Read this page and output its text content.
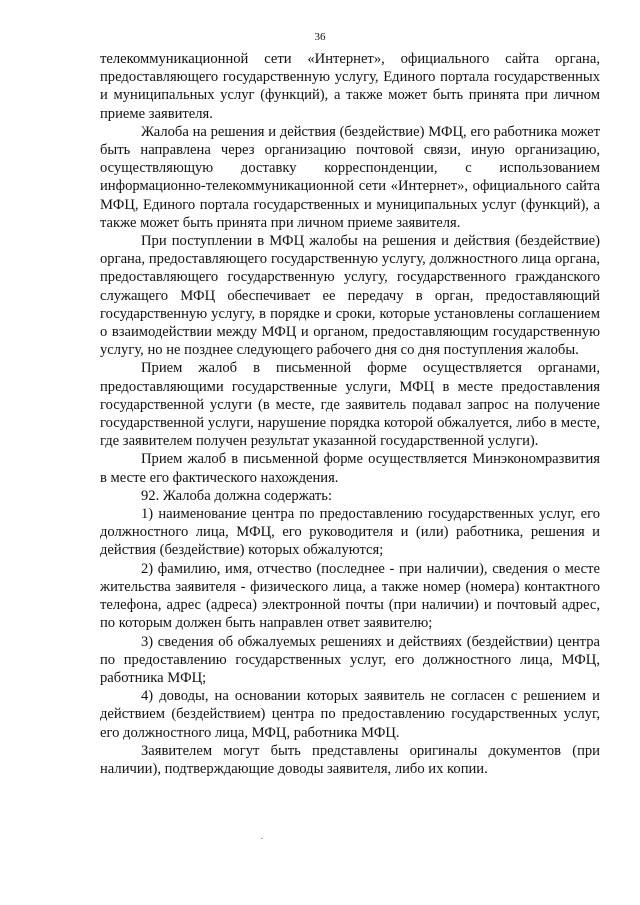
36

телекоммуникационной сети «Интернет», официального сайта органа, предоставляющего государственную услугу, Единого портала государственных и муниципальных услуг (функций), а также может быть принята при личном приеме заявителя.

Жалоба на решения и действия (бездействие) МФЦ, его работника может быть направлена через организацию почтовой связи, иную организацию, осуществляющую доставку корреспонденции, с использованием информационно-телекоммуникационной сети «Интернет», официального сайта МФЦ, Единого портала государственных и муниципальных услуг (функций), а также может быть принята при личном приеме заявителя.

При поступлении в МФЦ жалобы на решения и действия (бездействие) органа, предоставляющего государственную услугу, должностного лица органа, предоставляющего государственную услугу, государственного гражданского служащего МФЦ обеспечивает ее передачу в орган, предоставляющий государственную услугу, в порядке и сроки, которые установлены соглашением о взаимодействии между МФЦ и органом, предоставляющим государственную услугу, но не позднее следующего рабочего дня со дня поступления жалобы.

Прием жалоб в письменной форме осуществляется органами, предоставляющими государственные услуги, МФЦ в месте предоставления государственной услуги (в месте, где заявитель подавал запрос на получение государственной услуги, нарушение порядка которой обжалуется, либо в месте, где заявителем получен результат указанной государственной услуги).

Прием жалоб в письменной форме осуществляется Минэкономразвития в месте его фактического нахождения.

92. Жалоба должна содержать:

1) наименование центра по предоставлению государственных услуг, его должностного лица, МФЦ, его руководителя и (или) работника, решения и действия (бездействие) которых обжалуются;

2) фамилию, имя, отчество (последнее - при наличии), сведения о месте жительства заявителя - физического лица, а также номер (номера) контактного телефона, адрес (адреса) электронной почты (при наличии) и почтовый адрес, по которым должен быть направлен ответ заявителю;

3) сведения об обжалуемых решениях и действиях (бездействии) центра по предоставлению государственных услуг, его должностного лица, МФЦ, работника МФЦ;

4) доводы, на основании которых заявитель не согласен с решением и действием (бездействием) центра по предоставлению государственных услуг, его должностного лица, МФЦ, работника МФЦ.

Заявителем могут быть представлены оригиналы документов (при наличии), подтверждающие доводы заявителя, либо их копии.
